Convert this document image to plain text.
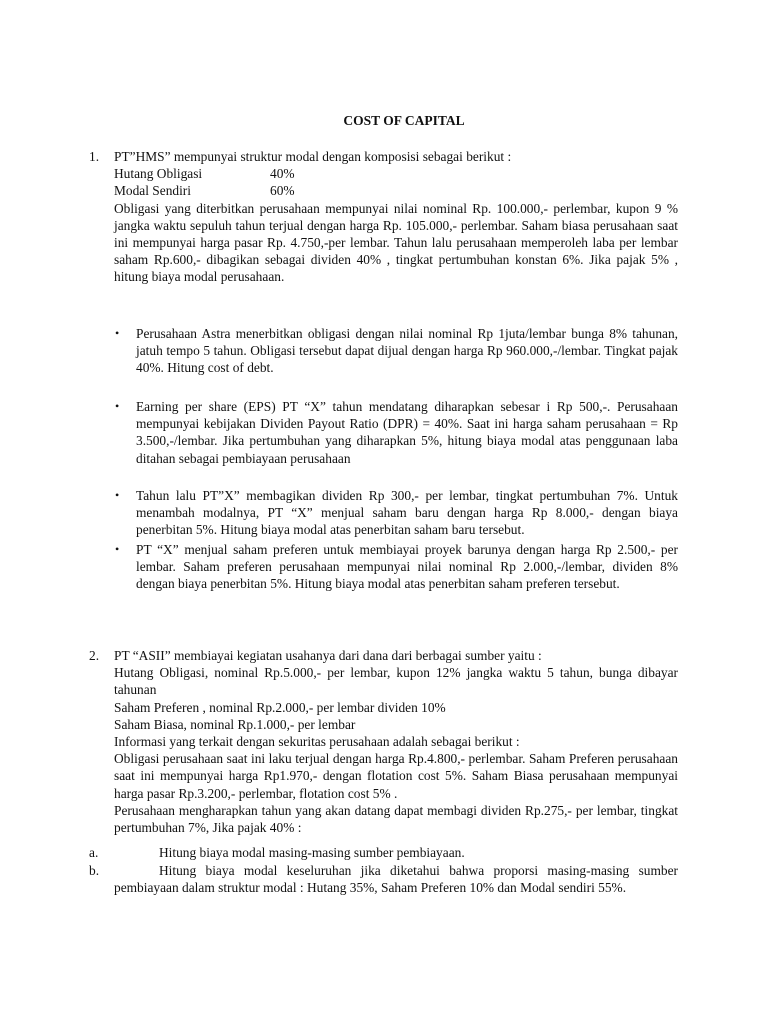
COST OF CAPITAL
1. PT”HMS” mempunyai struktur modal dengan komposisi sebagai berikut :
Hutang Obligasi	40%
Modal Sendiri	60%
Obligasi yang diterbitkan perusahaan mempunyai nilai nominal Rp. 100.000,- perlembar, kupon 9 % jangka waktu sepuluh tahun terjual dengan harga Rp. 105.000,- perlembar. Saham biasa perusahaan saat ini mempunyai harga pasar Rp. 4.750,-per lembar. Tahun lalu perusahaan memperoleh laba per lembar saham Rp.600,- dibagikan sebagai dividen 40% , tingkat pertumbuhan konstan 6%. Jika pajak 5% , hitung biaya modal perusahaan.
• Perusahaan Astra menerbitkan obligasi dengan nilai nominal Rp 1juta/lembar bunga 8% tahunan, jatuh tempo 5 tahun. Obligasi tersebut dapat dijual dengan harga Rp 960.000,-/lembar. Tingkat pajak 40%. Hitung cost of debt.
• Earning per share (EPS) PT “X” tahun mendatang diharapkan sebesar i Rp 500,-. Perusahaan mempunyai kebijakan Dividen Payout Ratio (DPR) = 40%. Saat ini harga saham perusahaan = Rp 3.500,-/lembar. Jika pertumbuhan yang diharapkan 5%, hitung biaya modal atas penggunaan laba ditahan sebagai pembiayaan perusahaan
• Tahun lalu PT”X” membagikan dividen Rp 300,- per lembar, tingkat pertumbuhan 7%. Untuk menambah modalnya, PT “X” menjual saham baru dengan harga Rp 8.000,- dengan biaya penerbitan 5%. Hitung biaya modal atas penerbitan saham baru tersebut.
• PT “X” menjual saham preferen untuk membiayai proyek barunya dengan harga Rp 2.500,- per lembar. Saham preferen perusahaan mempunyai nilai nominal Rp 2.000,-/lembar, dividen 8% dengan biaya penerbitan 5%. Hitung biaya modal atas penerbitan saham preferen tersebut.
2. PT “ASII” membiayai kegiatan usahanya dari dana dari berbagai sumber yaitu :
Hutang Obligasi, nominal Rp.5.000,- per lembar, kupon 12% jangka waktu 5 tahun, bunga dibayar tahunan
Saham Preferen , nominal Rp.2.000,- per lembar dividen 10%
Saham Biasa, nominal Rp.1.000,- per lembar
Informasi yang terkait dengan sekuritas perusahaan adalah sebagai berikut :
Obligasi perusahaan saat ini laku terjual dengan harga Rp.4.800,- perlembar. Saham Preferen perusahaan saat ini mempunyai harga Rp1.970,- dengan flotation cost 5%. Saham Biasa perusahaan mempunyai harga pasar Rp.3.200,- perlembar, flotation cost 5% .
Perusahaan mengharapkan tahun yang akan datang dapat membagi dividen Rp.275,- per lembar, tingkat pertumbuhan 7%, Jika pajak 40% :
a.	Hitung biaya modal masing-masing sumber pembiayaan.
b.	Hitung biaya modal keseluruhan jika diketahui bahwa proporsi masing-masing sumber pembiayaan dalam struktur modal : Hutang 35%, Saham Preferen 10% dan Modal sendiri 55%.
